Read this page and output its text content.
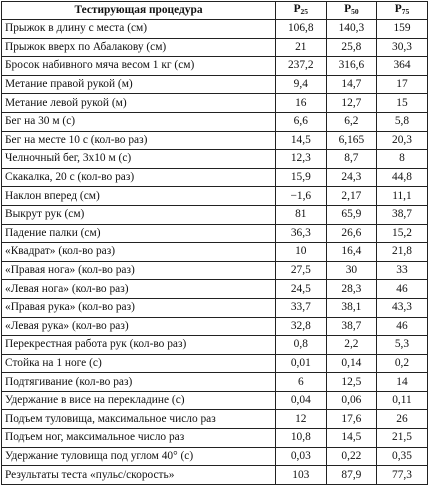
Тестирующая процедура	P25	P50	P75
Прыжок в длину с места (см)	106,8	140,3	159
Прыжок вверх по Абалакову (см)	21	25,8	30,3
Бросок набивного мяча весом 1 кг (см)	237,2	316,6	364
Метание правой рукой (м)	9,4	14,7	17
Метание левой рукой (м)	16	12,7	15
Бег на 30 м (с)	6,6	6,2	5,8
Бег на месте 10 с (кол-во раз)	14,5	6,165	20,3
Челночный бег, 3х10 м (с)	12,3	8,7	8
Скакалка, 20 с (кол-во раз)	15,9	24,3	44,8
Наклон вперед (см)	−1,6	2,17	11,1
Выкрут рук (см)	81	65,9	38,7
Падение палки (см)	36,3	26,6	15,2
«Квадрат» (кол-во раз)	10	16,4	21,8
«Правая нога» (кол-во раз)	27,5	30	33
«Левая нога» (кол-во раз)	24,5	28,3	46
«Правая рука» (кол-во раз)	33,7	38,1	43,3
«Левая рука» (кол-во раз)	32,8	38,7	46
Перекрестная работа рук (кол-во раз)	0,8	2,2	5,3
Стойка на 1 ноге (с)	0,01	0,14	0,2
Подтягивание (кол-во раз)	6	12,5	14
Удержание в висе на перекладине (с)	0,04	0,06	0,11
Подъем туловища, максимальное число раз	12	17,6	26
Подъем ног, максимальное число раз	10,8	14,5	21,5
Удержание туловища под углом 40° (с)	0,03	0,22	0,35
Результаты теста «пульс/скорость»	103	87,9	77,3
